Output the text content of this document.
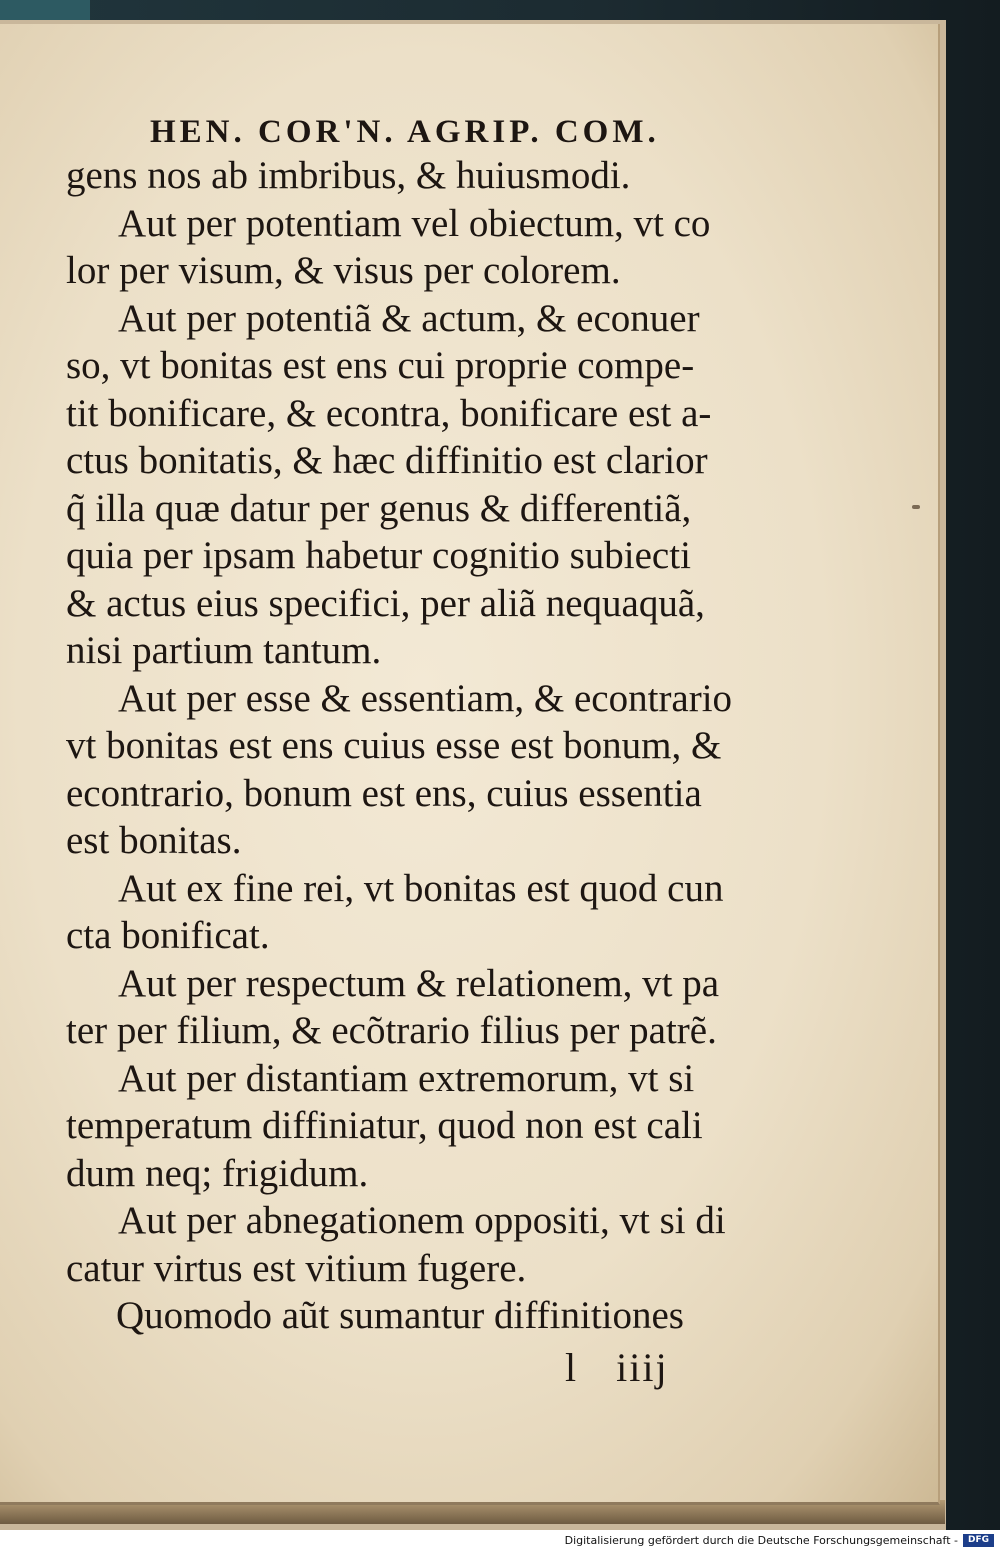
HEN. COR'N. AGRIP. COM.
gens nos ab imbribus, & huiusmodi.
Aut per potentiam vel obiectum, vt co
lor per visum, & visus per colorem.
Aut per potentiã & actum, & econuer
so, vt bonitas est ens cui proprie compe-
tit bonificare, & econtra, bonificare est a-
ctus bonitatis, & hæc diffinitio est clarior
q̃ illa quæ datur per genus & differentiã,
quia per ipsam habetur cognitio subiecti
& actus eius specifici, per aliã nequaquã,
nisi partium tantum.
Aut per esse & essentiam, & econtrario
vt bonitas est ens cuius esse est bonum, &
econtrario, bonum est ens, cuius essentia
est bonitas.
Aut ex fine rei, vt bonitas est quod cun
cta bonificat.
Aut per respectum & relationem, vt pa
ter per filium, & ecõtrario filius per patrẽ.
Aut per distantiam extremorum, vt si
temperatum diffiniatur, quod non est cali
dum neq; frigidum.
Aut per abnegationem oppositi, vt si di
catur virtus est vitium fugere.
Quomodo aũt sumantur diffinitiones
l iiij
Digitalisierung gefördert durch die Deutsche Forschungsgemeinschaft -	DFG
